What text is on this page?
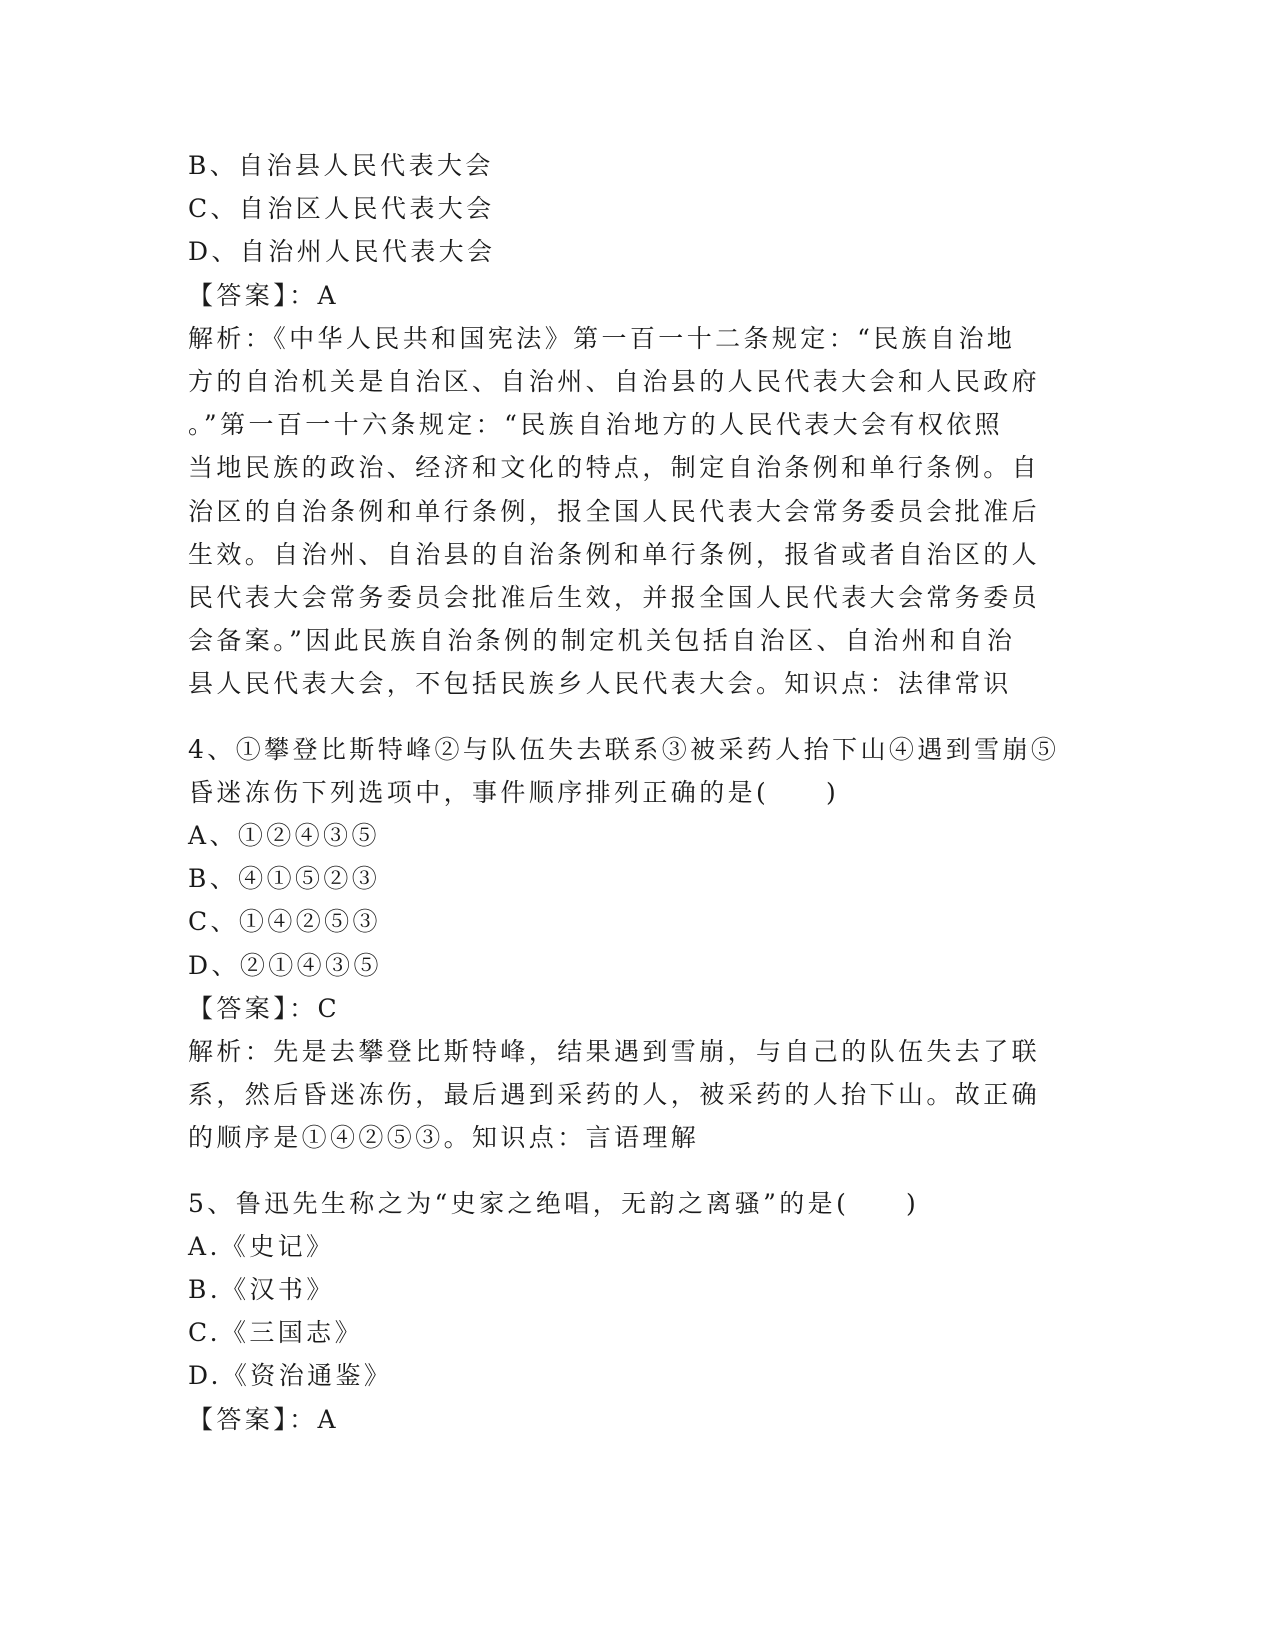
B、自治县人民代表大会
C、自治区人民代表大会
D、自治州人民代表大会
【答案】：A
解析：《中华人民共和国宪法》第一百一十二条规定：“民族自治地
方的自治机关是自治区、自治州、自治县的人民代表大会和人民政府
。”第一百一十六条规定：“民族自治地方的人民代表大会有权依照
当地民族的政治、经济和文化的特点，制定自治条例和单行条例。自
治区的自治条例和单行条例，报全国人民代表大会常务委员会批准后
生效。自治州、自治县的自治条例和单行条例，报省或者自治区的人
民代表大会常务委员会批准后生效，并报全国人民代表大会常务委员
会备案。”因此民族自治条例的制定机关包括自治区、自治州和自治
县人民代表大会，不包括民族乡人民代表大会。知识点：法律常识
4、①攀登比斯特峰②与队伍失去联系③被采药人抬下山④遇到雪崩⑤
昏迷冻伤下列选项中，事件顺序排列正确的是(　　)
A、①②④③⑤
B、④①⑤②③
C、①④②⑤③
D、②①④③⑤
【答案】：C
解析：先是去攀登比斯特峰，结果遇到雪崩，与自己的队伍失去了联
系，然后昏迷冻伤，最后遇到采药的人，被采药的人抬下山。故正确
的顺序是①④②⑤③。知识点：言语理解
5、鲁迅先生称之为“史家之绝唱，无韵之离骚”的是(　　)
A.《史记》
B.《汉书》
C.《三国志》
D.《资治通鉴》
【答案】：A
